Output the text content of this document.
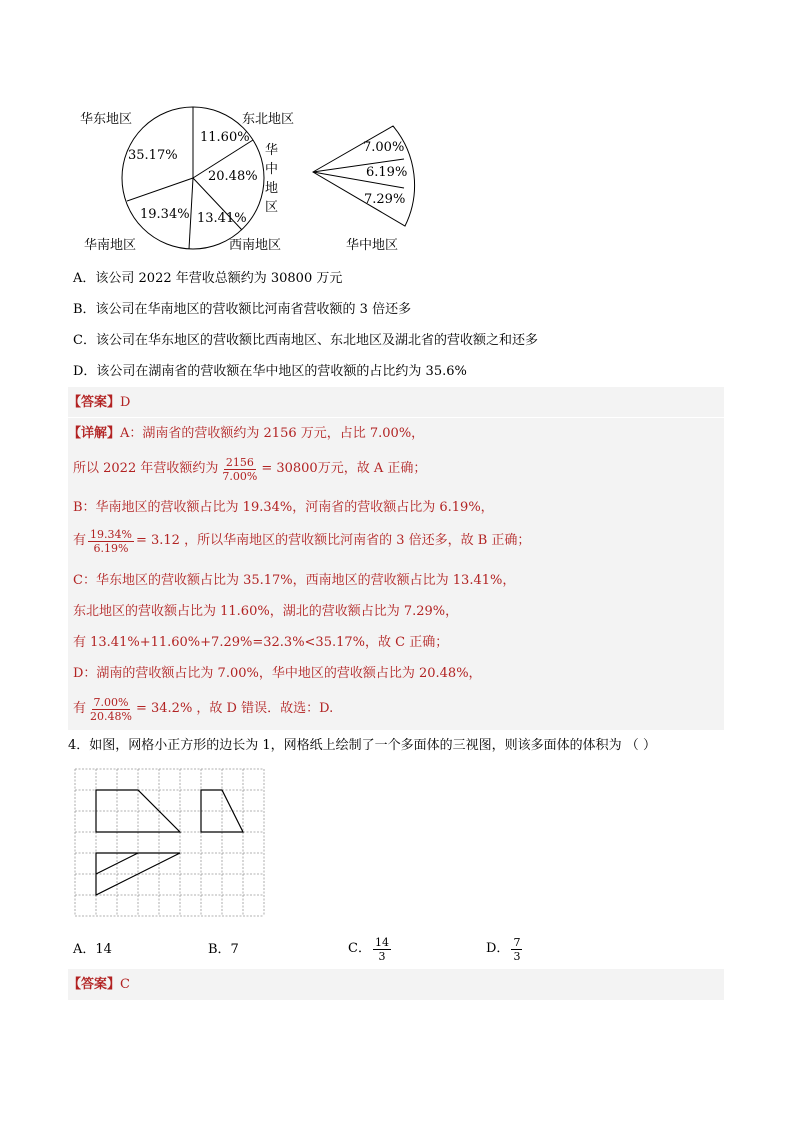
华东地区	东北地区
华
中
地
区
华南地区	西南地区	华中地区
35.17%
11.60%
20.48%
13.41%
19.34%
7.00%
6.19%
7.29%
A．该公司 2022 年营收总额约为 30800 万元
B．该公司在华南地区的营收额比河南省营收额的 3 倍还多
C．该公司在华东地区的营收额比西南地区、东北地区及湖北省的营收额之和还多
D．该公司在湖南省的营收额在华中地区的营收额的占比约为 35.6%
【答案】D
【详解】A：湖南省的营收额约为 2156 万元，占比 7.00%，
所以 2022 年营收额约为 $\frac{2156}{7.00\%} = 30800$万元，故 A 正确；
B：华南地区的营收额占比为 19.34%，河南省的营收额占比为 6.19%，
有 $\frac{19.34\%}{6.19\%} = 3.12$ ，所以华南地区的营收额比河南省的 3 倍还多，故 B 正确；
C：华东地区的营收额占比为 35.17%，西南地区的营收额占比为 13.41%，
东北地区的营收额占比为 11.60%，湖北的营收额占比为 7.29%，
有 13.41%+11.60%+7.29%=32.3%<35.17%，故 C 正确；
D：湖南的营收额占比为 7.00%，华中地区的营收额占比为 20.48%，
有 $\frac{7.00\%}{20.48\%} = 34.2\%$ ，故 D 错误．故选：D.
4．如图，网格小正方形的边长为 1，网格纸上绘制了一个多面体的三视图，则该多面体的体积为 （ ）
A．14	B．7	C． $\frac{14}{3}$	D． $\frac{7}{3}$
【答案】C
